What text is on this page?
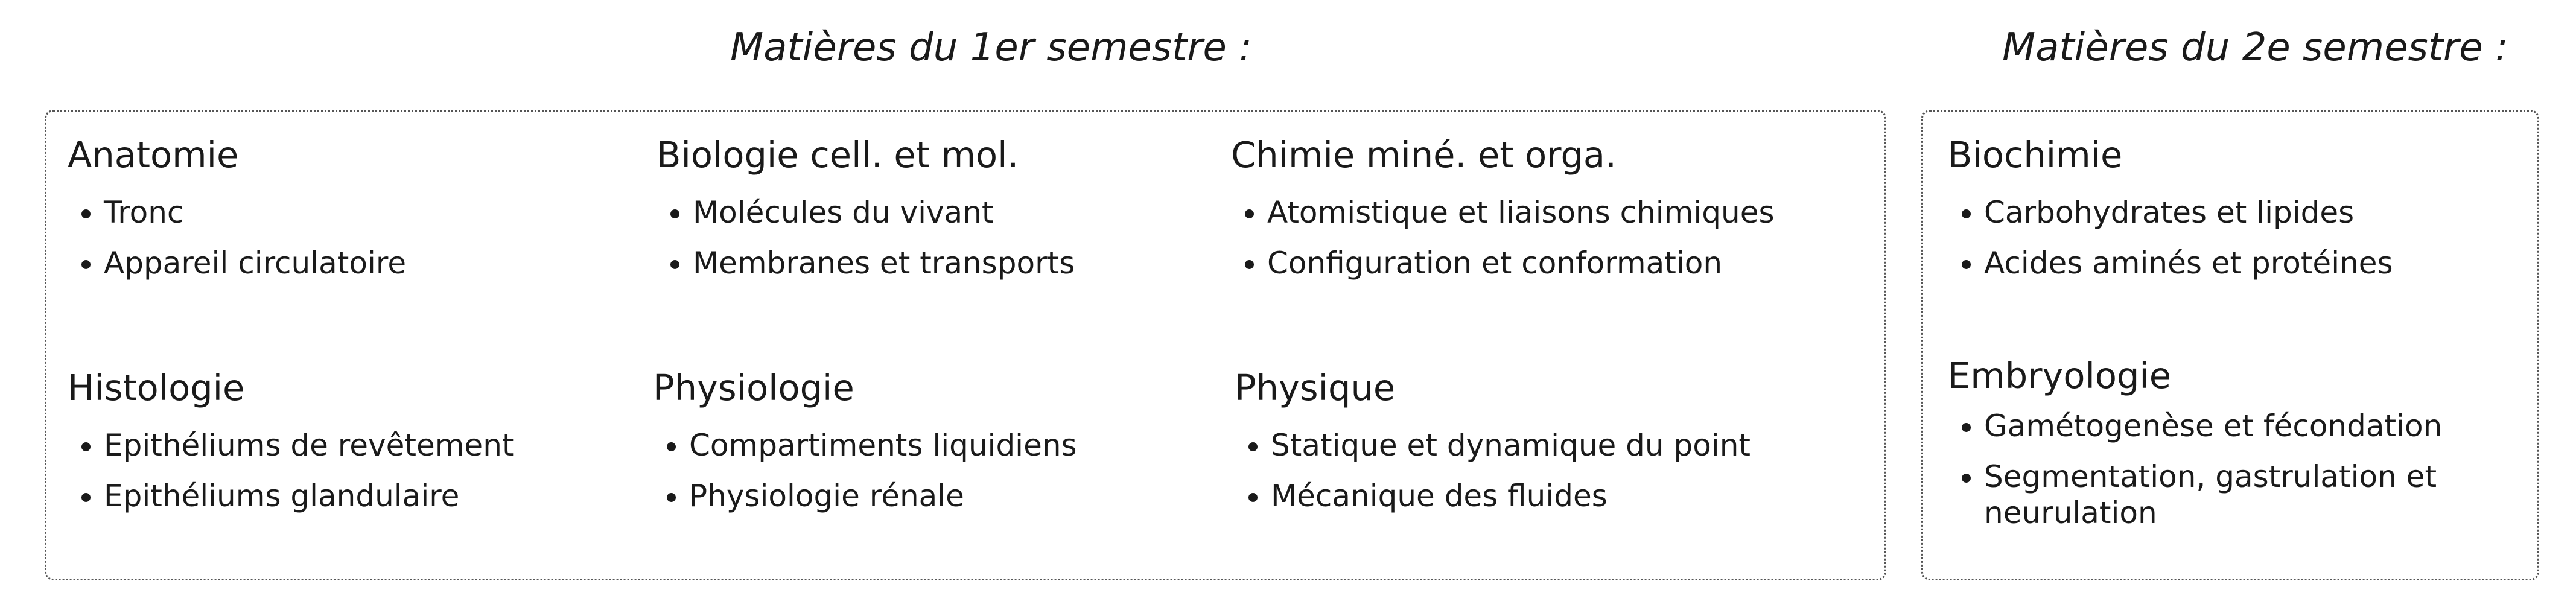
Matières du 1er semestre :	Matières du 2e semestre :
Anatomie
• Tronc
• Appareil circulatoire
Biologie cell. et mol.
• Molécules du vivant
• Membranes et transports
Chimie miné. et orga.
• Atomistique et liaisons chimiques
• Configuration et conformation
Histologie
• Epithéliums de revêtement
• Epithéliums glandulaire
Physiologie
• Compartiments liquidiens
• Physiologie rénale
Physique
• Statique et dynamique du point
• Mécanique des fluides
Biochimie
• Carbohydrates et lipides
• Acides aminés et protéines
Embryologie
• Gamétogenèse et fécondation
• Segmentation, gastrulation et neurulation
